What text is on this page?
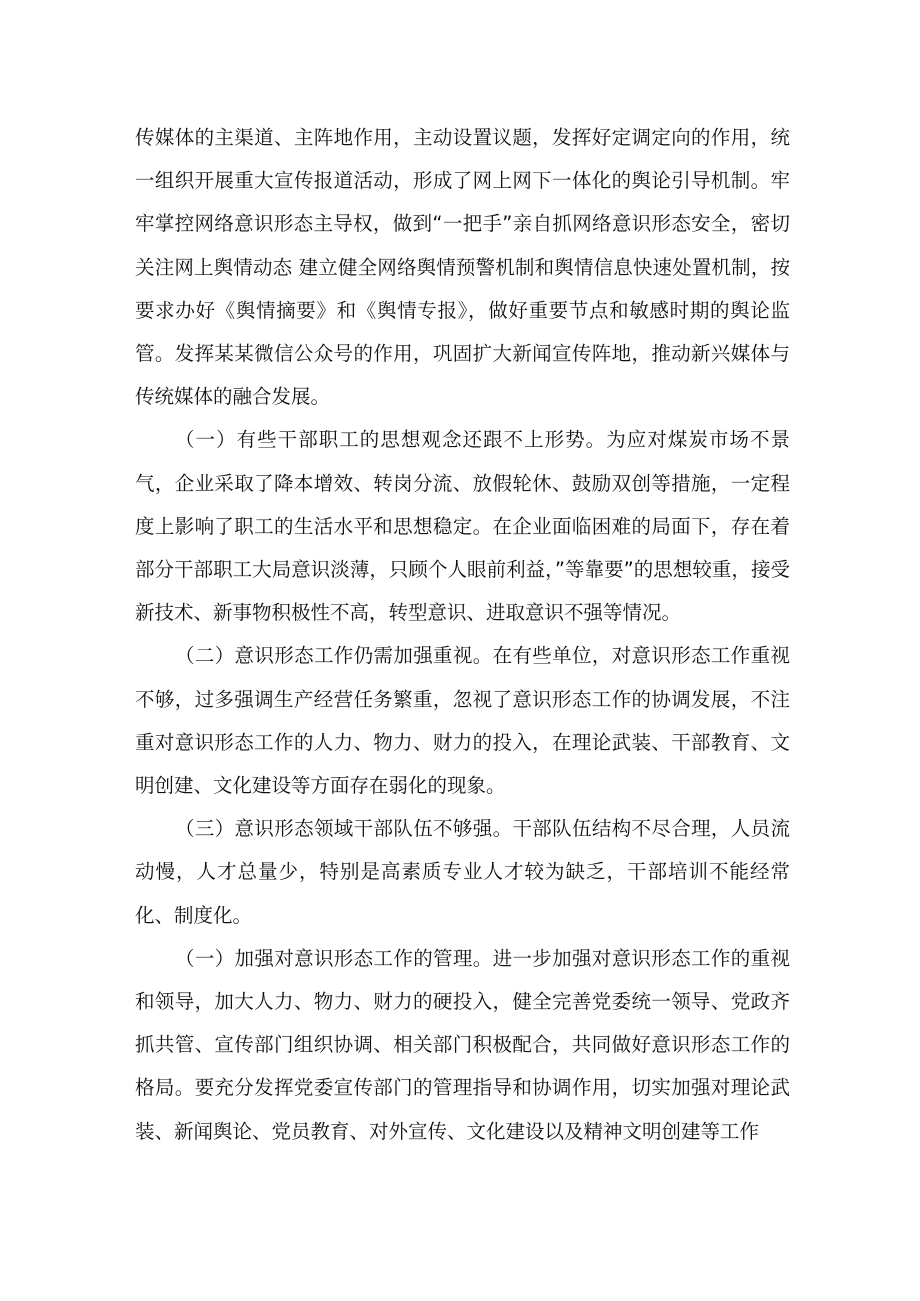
传媒体的主渠道、主阵地作用，主动设置议题，发挥好定调定向的作用，统一组织开展重大宣传报道活动，形成了网上网下一体化的舆论引导机制。牢牢掌控网络意识形态主导权，做到“一把手”亲自抓网络意识形态安全，密切关注网上舆情动态 建立健全网络舆情预警机制和舆情信息快速处置机制，按要求办好《舆情摘要》和《舆情专报》，做好重要节点和敏感时期的舆论监管。发挥某某微信公众号的作用，巩固扩大新闻宣传阵地，推动新兴媒体与传统媒体的融合发展。

（一）有些干部职工的思想观念还跟不上形势。为应对煤炭市场不景气，企业采取了降本增效、转岗分流、放假轮休、鼓励双创等措施，一定程度上影响了职工的生活水平和思想稳定。在企业面临困难的局面下，存在着部分干部职工大局意识淡薄，只顾个人眼前利益，”等靠要”的思想较重，接受新技术、新事物积极性不高，转型意识、进取意识不强等情况。

（二）意识形态工作仍需加强重视。在有些单位，对意识形态工作重视不够，过多强调生产经营任务繁重，忽视了意识形态工作的协调发展，不注重对意识形态工作的人力、物力、财力的投入，在理论武装、干部教育、文明创建、文化建设等方面存在弱化的现象。

（三）意识形态领域干部队伍不够强。干部队伍结构不尽合理，人员流动慢，人才总量少，特别是高素质专业人才较为缺乏，干部培训不能经常化、制度化。

（一）加强对意识形态工作的管理。进一步加强对意识形态工作的重视和领导，加大人力、物力、财力的硬投入，健全完善党委统一领导、党政齐抓共管、宣传部门组织协调、相关部门积极配合，共同做好意识形态工作的格局。要充分发挥党委宣传部门的管理指导和协调作用，切实加强对理论武装、新闻舆论、党员教育、对外宣传、文化建设以及精神文明创建等工作
